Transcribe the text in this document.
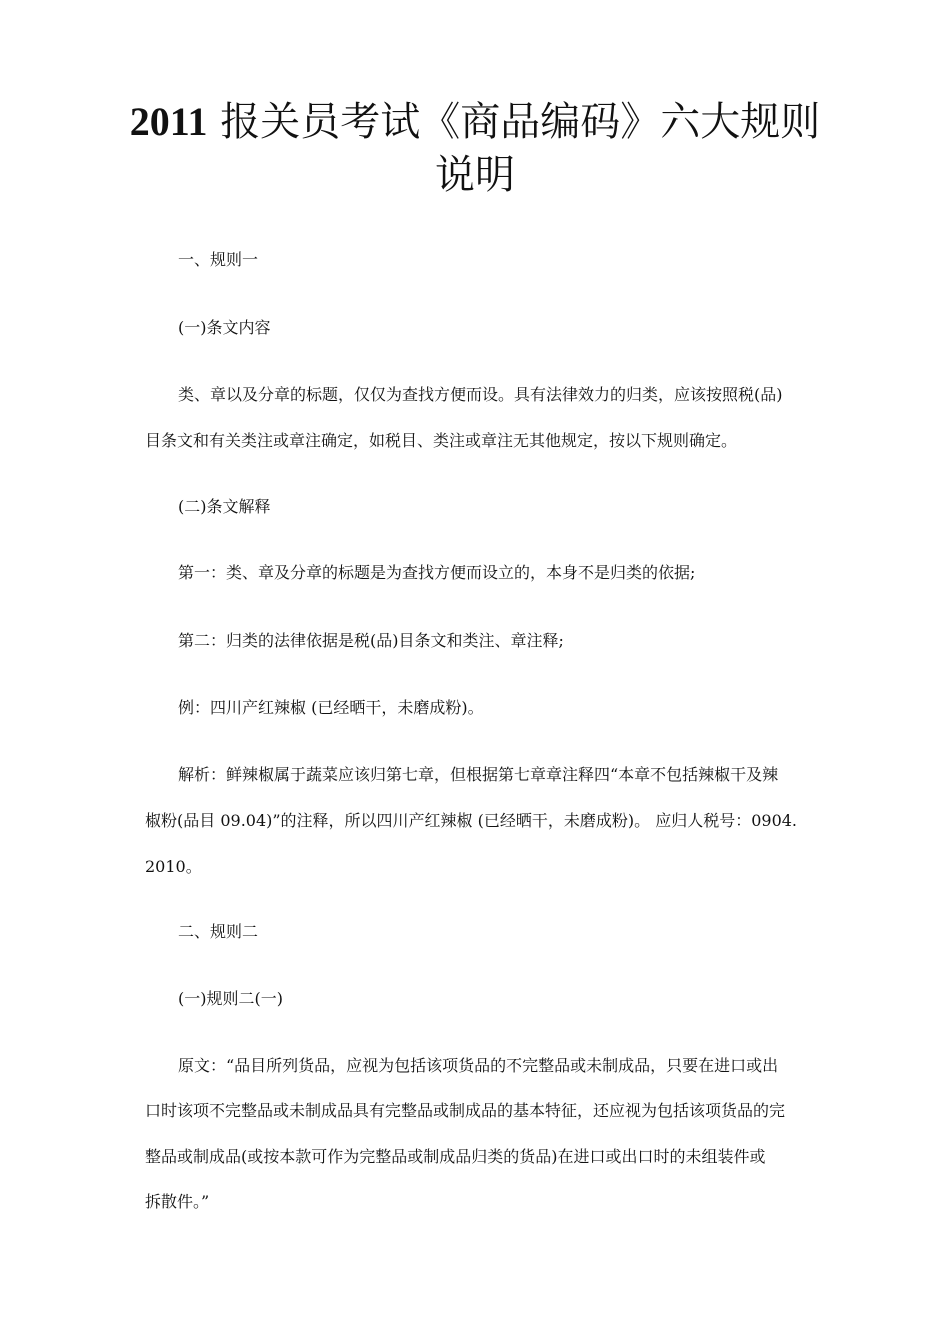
2011 报关员考试《商品编码》六大规则
说明
一、规则一
(一)条文内容
类、章以及分章的标题，仅仅为查找方便而设。具有法律效力的归类，应该按照税(品)
目条文和有关类注或章注确定，如税目、类注或章注无其他规定，按以下规则确定。
(二)条文解释
第一：类、章及分章的标题是为查找方便而设立的，本身不是归类的依据;
第二：归类的法律依据是税(品)目条文和类注、章注释;
例：四川产红辣椒 (已经晒干，未磨成粉)。
解析：鲜辣椒属于蔬菜应该归第七章，但根据第七章章注释四“本章不包括辣椒干及辣
椒粉(品目 09.04)”的注释，所以四川产红辣椒 (已经晒干，未磨成粉)。 应归人税号：0904.
2010。
二、规则二
(一)规则二(一)
原文：“品目所列货品，应视为包括该项货品的不完整品或未制成品，只要在进口或出
口时该项不完整品或未制成品具有完整品或制成品的基本特征，还应视为包括该项货品的完
整品或制成品(或按本款可作为完整品或制成品归类的货品)在进口或出口时的未组装件或
拆散件。”
